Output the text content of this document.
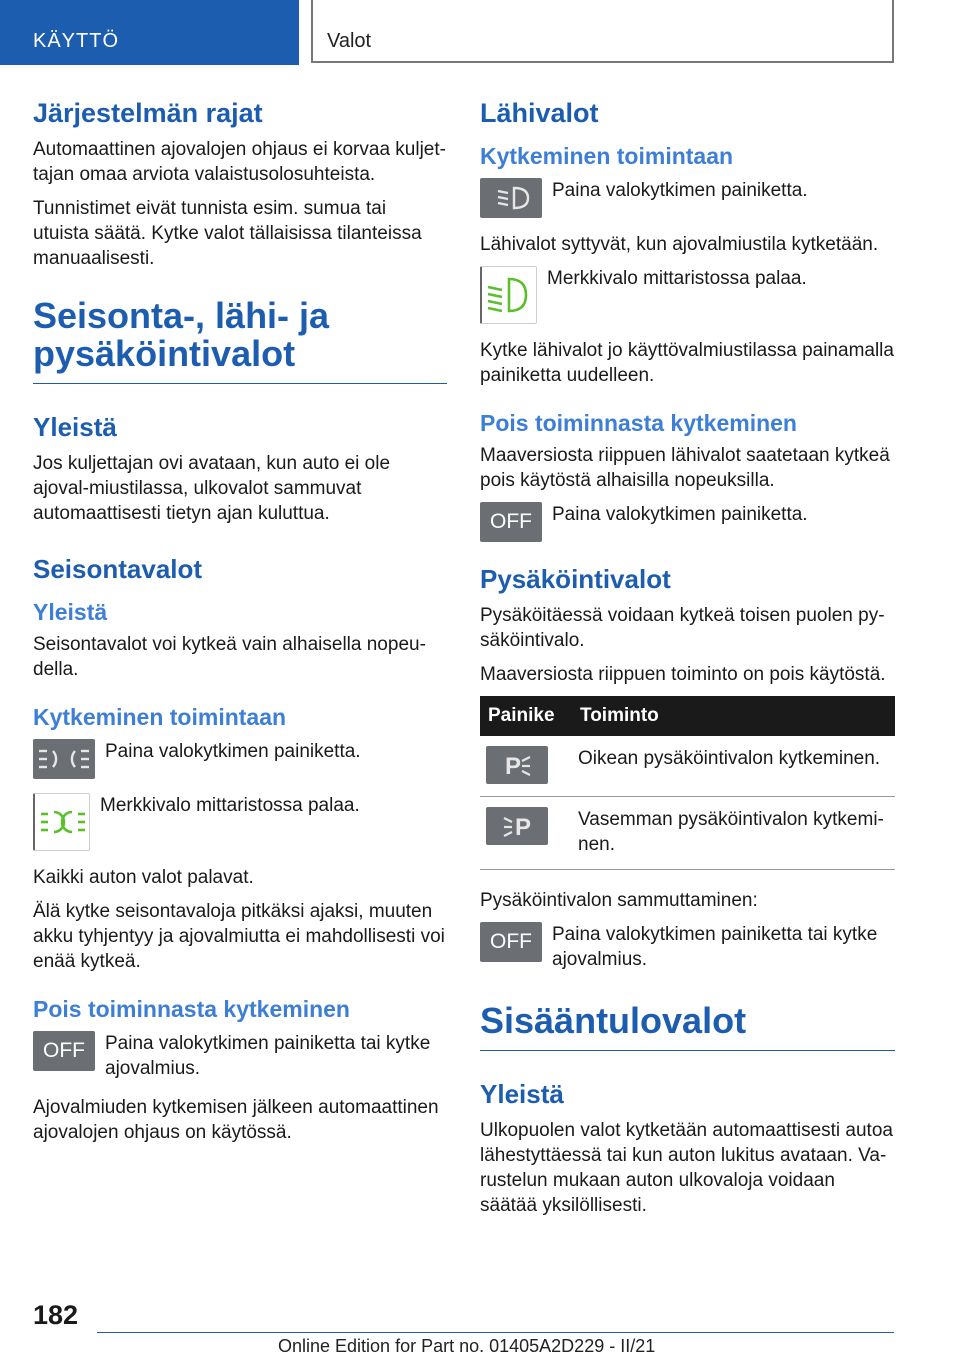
KÄYTTÖ	Valot
Järjestelmän rajat

Automaattinen ajovalojen ohjaus ei korvaa kuljet-tajan omaa arviota valaistusolosuhteista.

Tunnistimet eivät tunnista esim. sumua tai utuista säätä. Kytke valot tällaisissa tilanteissa manuaalisesti.

Seisonta-, lähi- ja pysäköintivalot
Yleistä

Jos kuljettajan ovi avataan, kun auto ei ole ajoval-miustilassa, ulkovalot sammuvat automaattisesti tietyn ajan kuluttua.

Seisontavalot
Yleistä

Seisontavalot voi kytkeä vain alhaisella nopeu-della.

Kytkeminen toimintaan

Paina valokytkimen painiketta.

Merkkivalo mittaristossa palaa.

Kaikki auton valot palavat.

Älä kytke seisontavaloja pitkäksi ajaksi, muuten akku tyhjentyy ja ajovalmiutta ei mahdollisesti voi enää kytkeä.

Pois toiminnasta kytkeminen
OFF	Paina valokytkimen painiketta tai kytke ajovalmius.

Ajovalmiuden kytkemisen jälkeen automaattinen ajovalojen ohjaus on käytössä.

Lähivalot
Kytkeminen toimintaan

Paina valokytkimen painiketta.

Lähivalot syttyvät, kun ajovalmiustila kytketään.

Merkkivalo mittaristossa palaa.

Kytke lähivalot jo käyttövalmiustilassa painamalla painiketta uudelleen.

Pois toiminnasta kytkeminen

Maaversiosta riippuen lähivalot saatetaan kytkeä pois käytöstä alhaisilla nopeuksilla.

OFF	Paina valokytkimen painiketta.

Pysäköintivalot

Pysäköitäessä voidaan kytkeä toisen puolen py-säköintivalo.

Maaversiosta riippuen toiminto on pois käytöstä.

Painike	Toiminto

P	Oikean pysäköintivalon kytkeminen.

P	Vasemman pysäköintivalon kytkemi-nen.

Pysäköintivalon sammuttaminen:

OFF	Paina valokytkimen painiketta tai kytke ajovalmius.

Sisääntulovalot
Yleistä

Ulkopuolen valot kytketään automaattisesti autoa lähestyttäessä tai kun auton lukitus avataan. Va-rustelun mukaan auton ulkovaloja voidaan säätää yksilöllisesti.

182
Online Edition for Part no. 01405A2D229 - II/21
